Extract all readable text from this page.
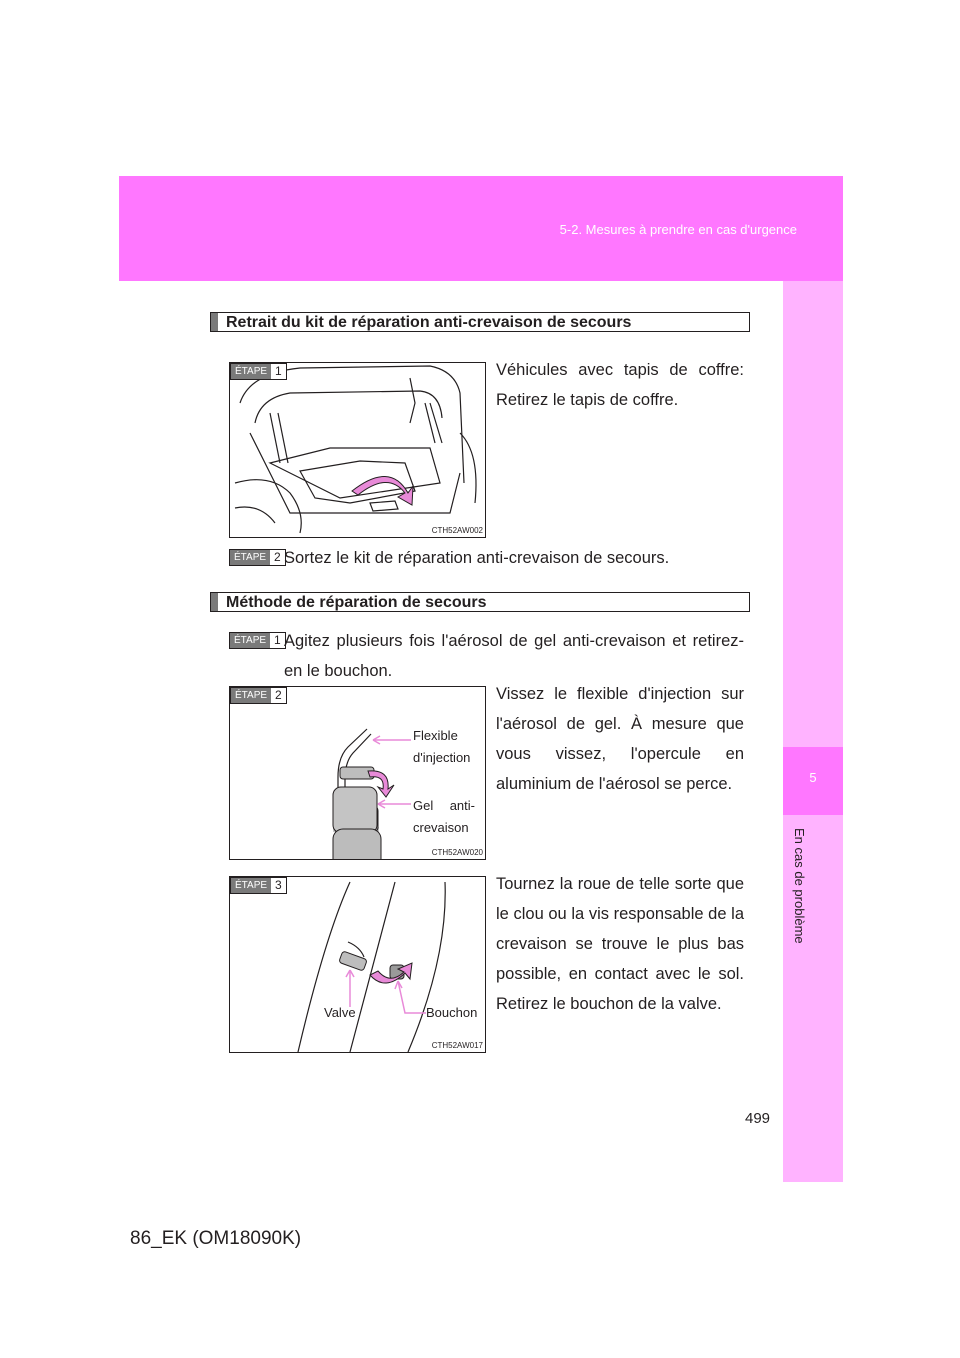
5-2. Mesures à prendre en cas d'urgence
5
En cas de problème
Retrait du kit de réparation anti-crevaison de secours
ÉTAPE 1
CTH52AW002
Véhicules avec tapis de coffre: Retirez le tapis de coffre.
ÉTAPE 2 Sortez le kit de réparation anti-crevaison de secours.
Méthode de réparation de secours
ÉTAPE 1 Agitez plusieurs fois l'aérosol de gel anti-crevaison et retirez-en le bouchon.
ÉTAPE 2
Flexible d'injection
Gel anti-crevaison
CTH52AW020
Vissez le flexible d'injection sur l'aérosol de gel. À mesure que vous vissez, l'opercule en aluminium de l'aérosol se perce.
ÉTAPE 3
Valve	Bouchon
CTH52AW017
Tournez la roue de telle sorte que le clou ou la vis responsable de la crevaison se trouve le plus bas possible, en contact avec le sol. Retirez le bouchon de la valve.
499
86_EK (OM18090K)
